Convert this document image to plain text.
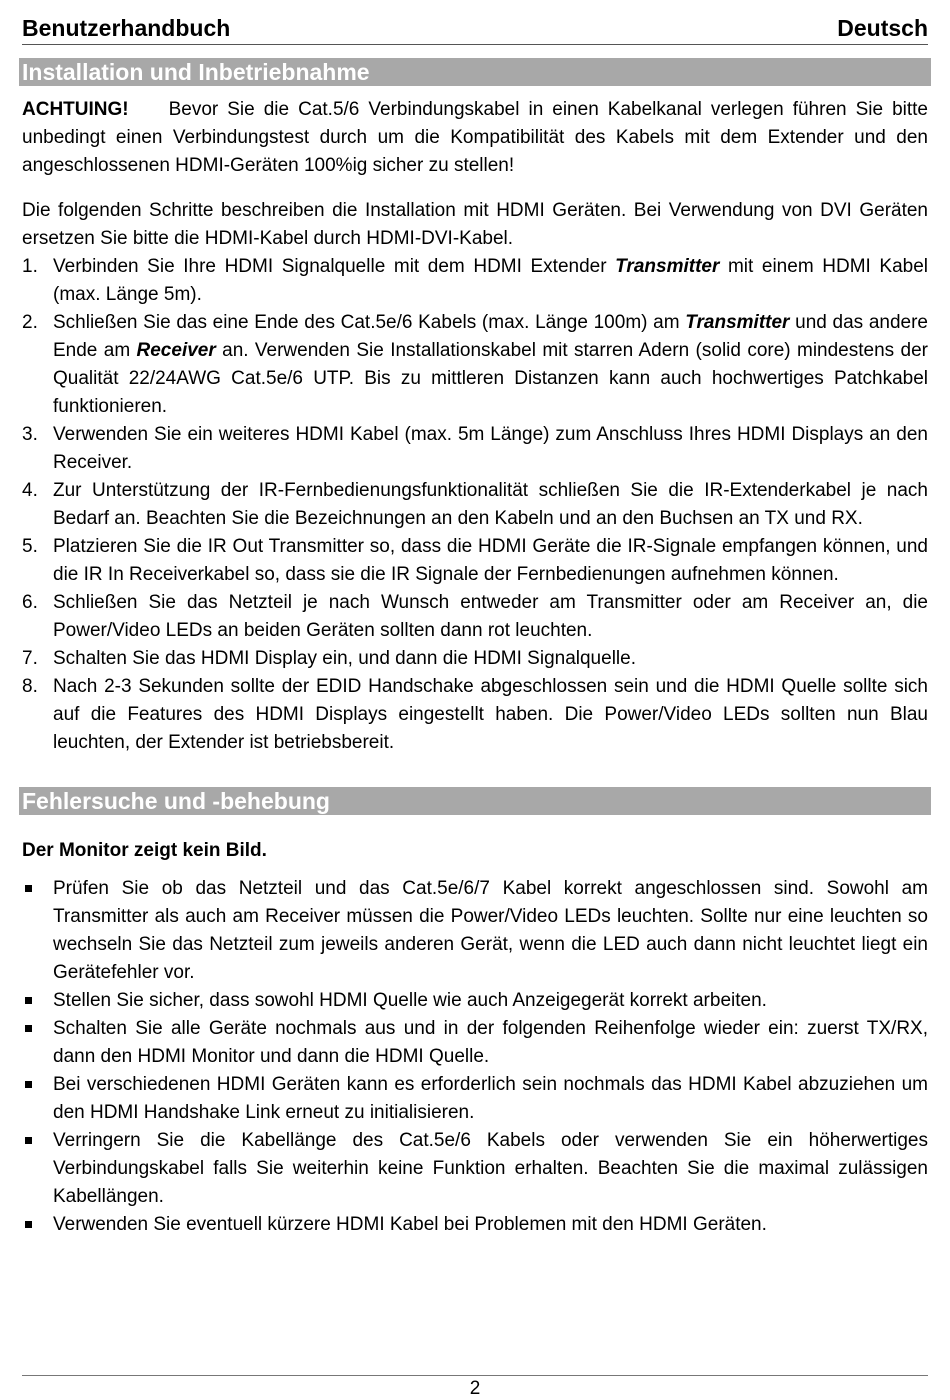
Benutzerhandbuch	Deutsch
Installation und Inbetriebnahme

ACHTUING! Bevor Sie die Cat.5/6 Verbindungskabel in einen Kabelkanal verlegen führen Sie bitte unbedingt einen Verbindungstest durch um die Kompatibilität des Kabels mit dem Extender und den angeschlossenen HDMI-Geräten 100%ig sicher zu stellen!

Die folgenden Schritte beschreiben die Installation mit HDMI Geräten. Bei Verwendung von DVI Geräten ersetzen Sie bitte die HDMI-Kabel durch HDMI-DVI-Kabel.

1. Verbinden Sie Ihre HDMI Signalquelle mit dem HDMI Extender Transmitter mit einem HDMI Kabel (max. Länge 5m).
2. Schließen Sie das eine Ende des Cat.5e/6 Kabels (max. Länge 100m) am Transmitter und das andere Ende am Receiver an. Verwenden Sie Installationskabel mit starren Adern (solid core) mindestens der Qualität 22/24AWG Cat.5e/6 UTP. Bis zu mittleren Distanzen kann auch hochwertiges Patchkabel funktionieren.
3. Verwenden Sie ein weiteres HDMI Kabel (max. 5m Länge) zum Anschluss Ihres HDMI Displays an den Receiver.
4. Zur Unterstützung der IR-Fernbedienungsfunktionalität schließen Sie die IR-Extenderkabel je nach Bedarf an. Beachten Sie die Bezeichnungen an den Kabeln und an den Buchsen an TX und RX.
5. Platzieren Sie die IR Out Transmitter so, dass die HDMI Geräte die IR-Signale empfangen können, und die IR In Receiverkabel so, dass sie die IR Signale der Fernbedienungen aufnehmen können.
6. Schließen Sie das Netzteil je nach Wunsch entweder am Transmitter oder am Receiver an, die Power/Video LEDs an beiden Geräten sollten dann rot leuchten.
7. Schalten Sie das HDMI Display ein, und dann die HDMI Signalquelle.
8. Nach 2-3 Sekunden sollte der EDID Handschake abgeschlossen sein und die HDMI Quelle sollte sich auf die Features des HDMI Displays eingestellt haben. Die Power/Video LEDs sollten nun Blau leuchten, der Extender ist betriebsbereit.
Fehlersuche und -behebung
Der Monitor zeigt kein Bild.
Prüfen Sie ob das Netzteil und das Cat.5e/6/7 Kabel korrekt angeschlossen sind. Sowohl am Transmitter als auch am Receiver müssen die Power/Video LEDs leuchten. Sollte nur eine leuchten so wechseln Sie das Netzteil zum jeweils anderen Gerät, wenn die LED auch dann nicht leuchtet liegt ein Gerätefehler vor.
Stellen Sie sicher, dass sowohl HDMI Quelle wie auch Anzeigegerät korrekt arbeiten.
Schalten Sie alle Geräte nochmals aus und in der folgenden Reihenfolge wieder ein: zuerst TX/RX, dann den HDMI Monitor und dann die HDMI Quelle.
Bei verschiedenen HDMI Geräten kann es erforderlich sein nochmals das HDMI Kabel abzuziehen um den HDMI Handshake Link erneut zu initialisieren.
Verringern Sie die Kabellänge des Cat.5e/6 Kabels oder verwenden Sie ein höherwertiges Verbindungskabel falls Sie weiterhin keine Funktion erhalten. Beachten Sie die maximal zulässigen Kabellängen.
Verwenden Sie eventuell kürzere HDMI Kabel bei Problemen mit den HDMI Geräten.
2
